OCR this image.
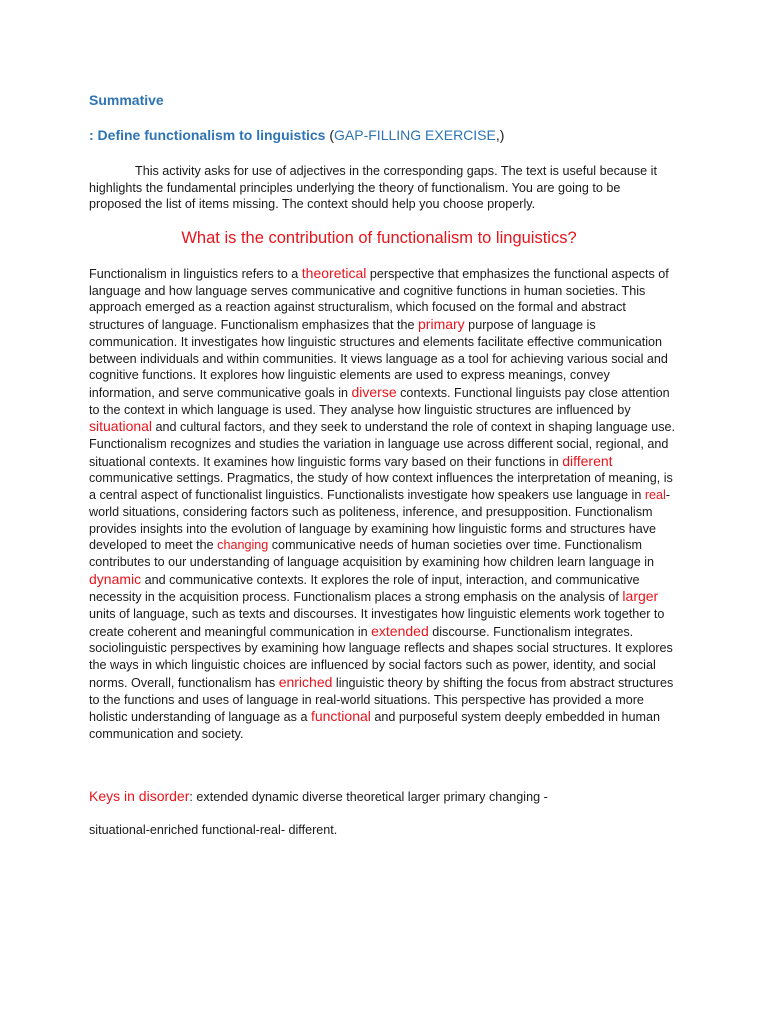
Summative
: Define functionalism to linguistics (GAP-FILLING EXERCISE,)

This activity asks for use of adjectives in the corresponding gaps. The text is useful because it highlights the fundamental principles underlying the theory of functionalism. You are going to be proposed the list of items missing. The context should help you choose properly.

What is the contribution of functionalism to linguistics?

Functionalism in linguistics refers to a theoretical perspective that emphasizes the functional aspects of language and how language serves communicative and cognitive functions in human societies. This approach emerged as a reaction against structuralism, which focused on the formal and abstract structures of language. Functionalism emphasizes that the primary purpose of language is communication. It investigates how linguistic structures and elements facilitate effective communication between individuals and within communities. It views language as a tool for achieving various social and cognitive functions. It explores how linguistic elements are used to express meanings, convey information, and serve communicative goals in diverse contexts. Functional linguists pay close attention to the context in which language is used. They analyse how linguistic structures are influenced by situational and cultural factors, and they seek to understand the role of context in shaping language use. Functionalism recognizes and studies the variation in language use across different social, regional, and situational contexts. It examines how linguistic forms vary based on their functions in different communicative settings. Pragmatics, the study of how context influences the interpretation of meaning, is a central aspect of functionalist linguistics. Functionalists investigate how speakers use language in real-world situations, considering factors such as politeness, inference, and presupposition. Functionalism provides insights into the evolution of language by examining how linguistic forms and structures have developed to meet the changing communicative needs of human societies over time. Functionalism contributes to our understanding of language acquisition by examining how children learn language in dynamic and communicative contexts. It explores the role of input, interaction, and communicative necessity in the acquisition process. Functionalism places a strong emphasis on the analysis of larger units of language, such as texts and discourses. It investigates how linguistic elements work together to create coherent and meaningful communication in extended discourse. Functionalism integrates. sociolinguistic perspectives by examining how language reflects and shapes social structures. It explores the ways in which linguistic choices are influenced by social factors such as power, identity, and social norms. Overall, functionalism has enriched linguistic theory by shifting the focus from abstract structures to the functions and uses of language in real-world situations. This perspective has provided a more holistic understanding of language as a functional and purposeful system deeply embedded in human communication and society.

Keys in disorder: extended dynamic diverse theoretical larger primary changing -

situational-enriched functional-real- different.
